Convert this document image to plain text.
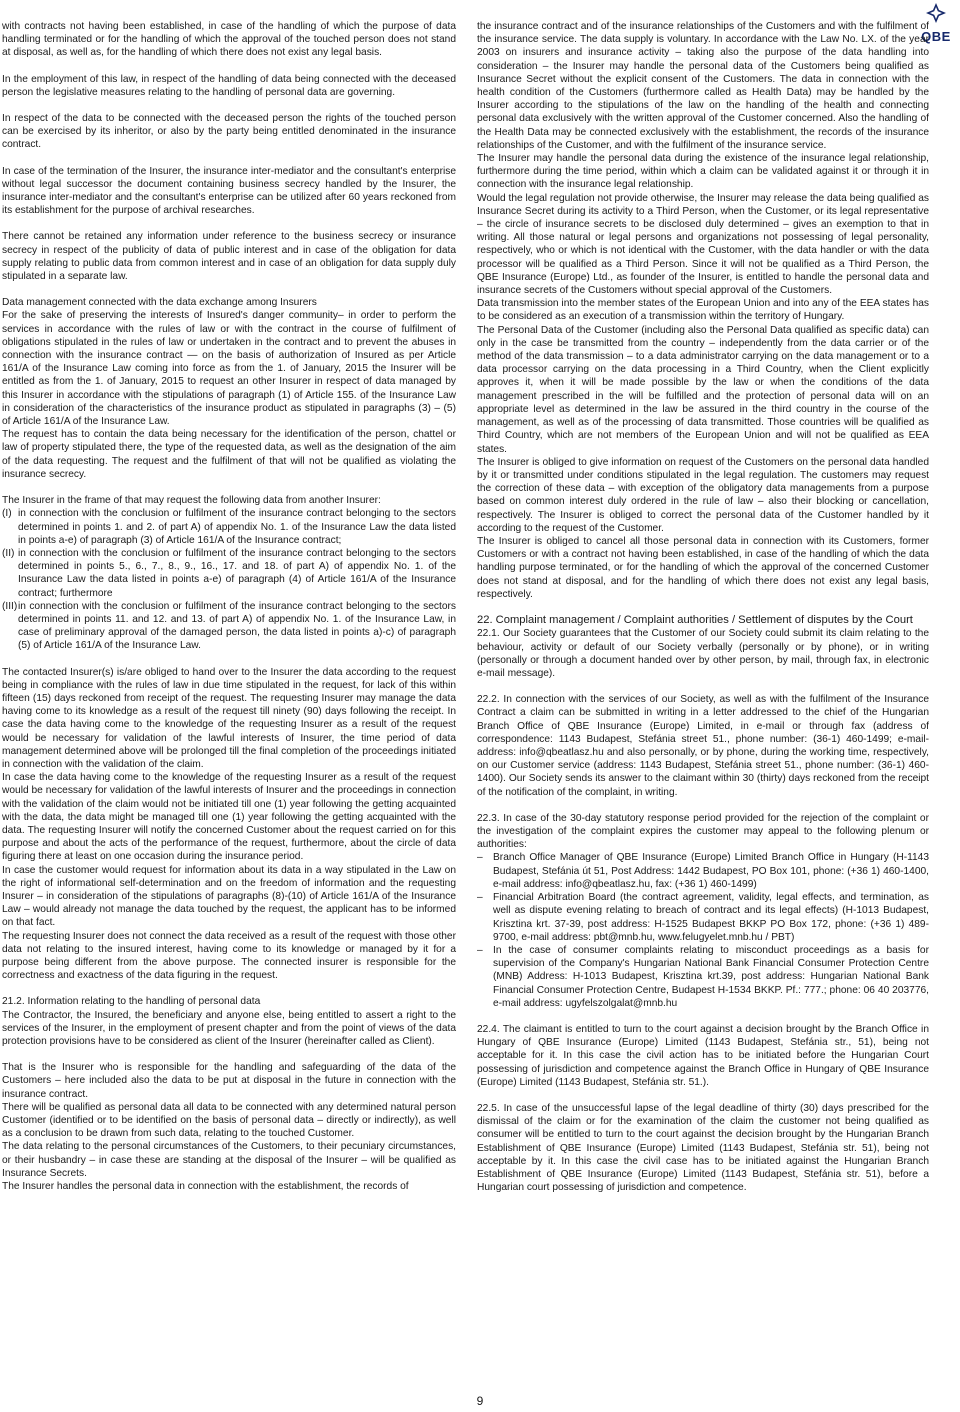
QBE

with contracts not having been established, in case of the handling of which the purpose of data handling terminated or for the handling of which the approval of the touched person does not stand at disposal, as well as, for the handling of which there does not exist any legal basis.

In the employment of this law, in respect of the handling of data being connected with the deceased person the legislative measures relating to the handling of personal data are governing.

In respect of the data to be connected with the deceased person the rights of the touched person can be exercised by its inheritor, or also by the party being entitled denominated in the insurance contract.

In case of the termination of the Insurer, the insurance inter-mediator and the consultant's enterprise without legal successor the document containing business secrecy handled by the Insurer, the insurance inter-mediator and the consultant's enterprise can be utilized after 60 years reckoned from its establishment for the purpose of archival researches.

There cannot be retained any information under reference to the business secrecy or insurance secrecy in respect of the publicity of data of public interest and in case of the obligation for data supply relating to public data from common interest and in case of an obligation for data supply duly stipulated in a separate law.

Data management connected with the data exchange among Insurers

For the sake of preserving the interests of Insured's danger community– in order to perform the services in accordance with the rules of law or with the contract in the course of fulfilment of obligations stipulated in the rules of law or undertaken in the contract and to prevent the abuses in connection with the insurance contract — on the basis of authorization of Insured as per Article 161/A of the Insurance Law coming into force as from the 1. of January, 2015 the Insurer will be entitled as from the 1. of January, 2015 to request an other Insurer in respect of data managed by this Insurer in accordance with the stipulations of paragraph (1) of Article 155. of the Insurance Law in consideration of the characteristics of the insurance product as stipulated in paragraphs (3) – (5) of Article 161/A of the Insurance Law.

The request has to contain the data being necessary for the identification of the person, chattel or law of property stipulated there, the type of the requested data, as well as the designation of the aim of the data requesting. The request and the fulfilment of that will not be qualified as violating the insurance secrecy.

The Insurer in the frame of that may request the following data from another Insurer:

(I) in connection with the conclusion or fulfilment of the insurance contract belonging to the sectors determined in points 1. and 2. of part A) of appendix No. 1. of the Insurance Law the data listed in points a-e) of paragraph (3) of Article 161/A of the Insurance contract;
(II) in connection with the conclusion or fulfilment of the insurance contract belonging to the sectors determined in points 5., 6., 7., 8., 9., 16., 17. and 18. of part A) of appendix No. 1. of the Insurance Law the data listed in points a-e) of paragraph (4) of Article 161/A of the Insurance contract; furthermore
(III) in connection with the conclusion or fulfilment of the insurance contract belonging to the sectors determined in points 11. and 12. and 13. of part A) of appendix No. 1. of the Insurance Law, in case of preliminary approval of the damaged person, the data listed in points a)-c) of paragraph (5) of Article 161/A of the Insurance Law.

The contacted Insurer(s) is/are obliged to hand over to the Insurer the data according to the request being in compliance with the rules of law in due time stipulated in the request, for lack of this within fifteen (15) days reckoned from receipt of the request. The requesting Insurer may manage the data having come to its knowledge as a result of the request till ninety (90) days following the receipt. In case the data having come to the knowledge of the requesting Insurer as a result of the request would be necessary for validation of the lawful interests of Insurer, the time period of data management determined above will be prolonged till the final completion of the proceedings initiated in connection with the validation of the claim.

In case the data having come to the knowledge of the requesting Insurer as a result of the request would be necessary for validation of the lawful interests of Insurer and the proceedings in connection with the validation of the claim would not be initiated till one (1) year following the getting acquainted with the data, the data might be managed till one (1) year following the getting acquainted with the data. The requesting Insurer will notify the concerned Customer about the request carried on for this purpose and about the acts of the performance of the request, furthermore, about the circle of data figuring there at least on one occasion during the insurance period.

In case the customer would request for information about its data in a way stipulated in the Law on the right of informational self-determination and on the freedom of information and the requesting Insurer – in consideration of the stipulations of paragraphs (8)-(10) of Article 161/A of the Insurance Law – would already not manage the data touched by the request, the applicant has to be informed on that fact.

The requesting Insurer does not connect the data received as a result of the request with those other data not relating to the insured interest, having come to its knowledge or managed by it for a purpose being different from the above purpose. The connected insurer is responsible for the correctness and exactness of the data figuring in the request.

21.2. Information relating to the handling of personal data

The Contractor, the Insured, the beneficiary and anyone else, being entitled to assert a right to the services of the Insurer, in the employment of present chapter and from the point of views of the data protection provisions have to be considered as client of the Insurer (hereinafter called as Client).

That is the Insurer who is responsible for the handling and safeguarding of the data of the Customers – here included also the data to be put at disposal in the future in connection with the insurance contract.

There will be qualified as personal data all data to be connected with any determined natural person Customer (identified or to be identified on the basis of personal data – directly or indirectly), as well as a conclusion to be drawn from such data, relating to the touched Customer.

The data relating to the personal circumstances of the Customers, to their pecuniary circumstances, or their husbandry – in case these are standing at the disposal of the Insurer – will be qualified as Insurance Secrets.

The Insurer handles the personal data in connection with the establishment, the records of

the insurance contract and of the insurance relationships of the Customers and with the fulfilment of the insurance service. The data supply is voluntary. In accordance with the Law No. LX. of the year 2003 on insurers and insurance activity – taking also the purpose of the data handling into consideration – the Insurer may handle the personal data of the Customers being qualified as Insurance Secret without the explicit consent of the Customers. The data in connection with the health condition of the Customers (furthermore called as Health Data) may be handled by the Insurer according to the stipulations of the law on the handling of the health and connecting personal data exclusively with the written approval of the Customer concerned. Also the handling of the Health Data may be connected exclusively with the establishment, the records of the insurance relationships of the Customer, and with the fulfilment of the insurance service.

The Insurer may handle the personal data during the existence of the insurance legal relationship, furthermore during the time period, within which a claim can be validated against it or through it in connection with the insurance legal relationship.

Would the legal regulation not provide otherwise, the Insurer may release the data being qualified as Insurance Secret during its activity to a Third Person, when the Customer, or its legal representative – the circle of insurance secrets to be disclosed duly determined – gives an exemption to that in writing. All those natural or legal persons and organizations not possessing of legal personality, respectively, who or which is not identical with the Customer, with the data handler or with the data processor will be qualified as a Third Person. Since it will not be qualified as a Third Person, the QBE Insurance (Europe) Ltd., as founder of the Insurer, is entitled to handle the personal data and insurance secrets of the Customers without special approval of the Customers.

Data transmission into the member states of the European Union and into any of the EEA states has to be considered as an execution of a transmission within the territory of Hungary.

The Personal Data of the Customer (including also the Personal Data qualified as specific data) can only in the case be transmitted from the country – independently from the data carrier or of the method of the data transmission – to a data administrator carrying on the data management or to a data processor carrying on the data processing in a Third Country, when the Client explicitly approves it, when it will be made possible by the law or when the conditions of the data management prescribed in the will be fulfilled and the protection of personal data will on an appropriate level as determined in the law be assured in the third country in the course of the management, as well as of the processing of data transmitted. Those countries will be qualified as Third Country, which are not members of the European Union and will not be qualified as EEA states.

The Insurer is obliged to give information on request of the Customers on the personal data handled by it or transmitted under conditions stipulated in the legal regulation. The customers may request the correction of these data – with exception of the obligatory data managements from a purpose based on common interest duly ordered in the rule of law – also their blocking or cancellation, respectively. The Insurer is obliged to correct the personal data of the Customer handled by it according to the request of the Customer.

The Insurer is obliged to cancel all those personal data in connection with its Customers, former Customers or with a contract not having been established, in case of the handling of which the data handling purpose terminated, or for the handling of which the approval of the concerned Customer does not stand at disposal, and for the handling of which there does not exist any legal basis, respectively.

22. Complaint management / Complaint authorities / Settlement of disputes by the Court

22.1. Our Society guarantees that the Customer of our Society could submit its claim relating to the behaviour, activity or default of our Society verbally (personally or by phone), or in writing (personally or through a document handed over by other person, by mail, through fax, in electronic e-mail message).

22.2. In connection with the services of our Society, as well as with the fulfilment of the Insurance Contract a claim can be submitted in writing in a letter addressed to the chief of the Hungarian Branch Office of QBE Insurance (Europe) Limited, in e-mail or through fax (address of correspondence: 1143 Budapest, Stefánia street 51., phone number: (36-1) 460-1499; e-mail-address: info@qbeatlasz.hu and also personally, or by phone, during the working time, respectively, on our Customer service (address: 1143 Budapest, Stefánia street 51., phone number: (36-1) 460-1400). Our Society sends its answer to the claimant within 30 (thirty) days reckoned from the receipt of the notification of the complaint, in writing.

22.3. In case of the 30-day statutory response period provided for the rejection of the complaint or the investigation of the complaint expires the customer may appeal to the following plenum or authorities:

–	Branch Office Manager of QBE Insurance (Europe) Limited Branch Office in Hungary (H-1143 Budapest, Stefánia út 51, Post Address: 1442 Budapest, PO Box 101, phone: (+36 1) 460-1400, e-mail address: info@qbeatlasz.hu, fax: (+36 1) 460-1499)
–	Financial Arbitration Board (the contract agreement, validity, legal effects, and termination, as well as dispute evening relating to breach of contract and its legal effects) (H-1013 Budapest, Krisztina krt. 37-39, post address: H-1525 Budapest BKKP PO Box 172, phone: (+36 1) 489-9700, e-mail address: pbt@mnb.hu, www.felugyelet.mnb.hu / PBT)
–	In the case of consumer complaints relating to misconduct proceedings as a basis for supervision of the Company's Hungarian National Bank Financial Consumer Protection Centre (MNB) Address: H-1013 Budapest, Krisztina krt.39, post address: Hungarian National Bank Financial Consumer Protection Centre, Budapest H-1534 BKKP. Pf.: 777.; phone: 06 40 203776, e-mail address: ugyfelszolgalat@mnb.hu

22.4. The claimant is entitled to turn to the court against a decision brought by the Branch Office in Hungary of QBE Insurance (Europe) Limited (1143 Budapest, Stefánia str., 51), being not acceptable for it. In this case the civil action has to be initiated before the Hungarian Court possessing of jurisdiction and competence against the Branch Office in Hungary of QBE Insurance (Europe) Limited (1143 Budapest, Stefánia str. 51.).

22.5. In case of the unsuccessful lapse of the legal deadline of thirty (30) days prescribed for the dismissal of the claim or for the examination of the claim the customer not being qualified as consumer will be entitled to turn to the court against the decision brought by the Hungarian Branch Establishment of QBE Insurance (Europe) Limited (1143 Budapest, Stefánia str. 51), being not acceptable by it. In this case the civil case has to be initiated against the Hungarian Branch Establishment of QBE Insurance (Europe) Limited (1143 Budapest, Stefánia str. 51), before a Hungarian court possessing of jurisdiction and competence.

9
